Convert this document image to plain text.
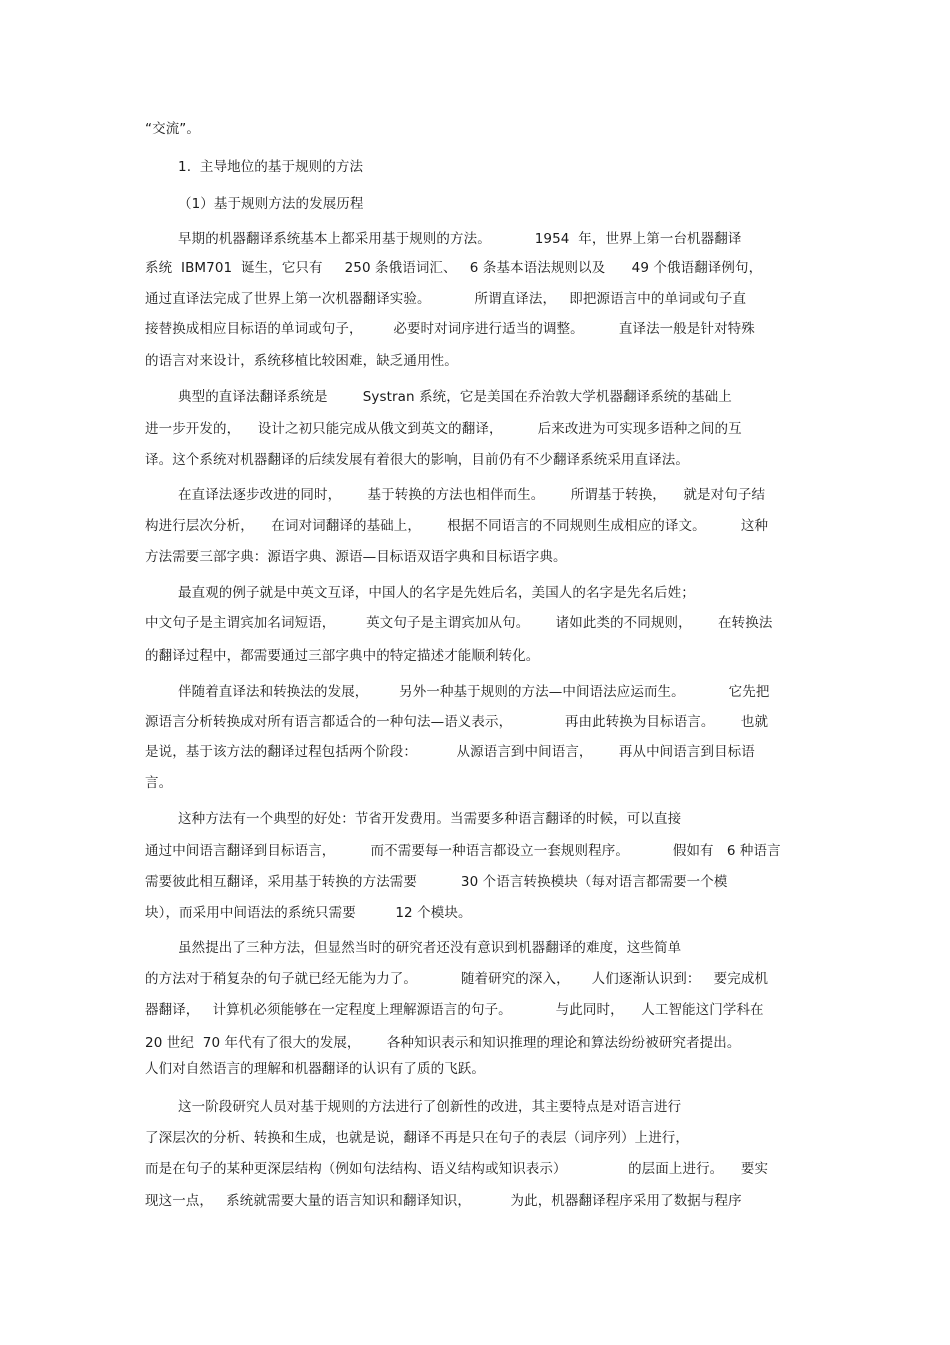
“交流”。
1.  主导地位的基于规则的方法
（1）基于规则方法的发展历程
早期的机器翻译系统基本上都采用基于规则的方法。          1954  年，世界上第一台机器翻译
系统  IBM701  诞生，它只有     250 条俄语词汇、   6 条基本语法规则以及      49 个俄语翻译例句，
通过直译法完成了世界上第一次机器翻译实验。          所谓直译法，   即把源语言中的单词或句子直
接替换成相应目标语的单词或句子，       必要时对词序进行适当的调整。        直译法一般是针对特殊
的语言对来设计，系统移植比较困难，缺乏通用性。
典型的直译法翻译系统是        Systran 系统，它是美国在乔治敦大学机器翻译系统的基础上
进一步开发的，    设计之初只能完成从俄文到英文的翻译，        后来改进为可实现多语种之间的互
译。这个系统对机器翻译的后续发展有着很大的影响，目前仍有不少翻译系统采用直译法。
在直译法逐步改进的同时，      基于转换的方法也相伴而生。      所谓基于转换，    就是对句子结
构进行层次分析，    在词对词翻译的基础上，      根据不同语言的不同规则生成相应的译文。        这种
方法需要三部字典：源语字典、源语—目标语双语字典和目标语字典。
最直观的例子就是中英文互译，中国人的名字是先姓后名，美国人的名字是先名后姓；
中文句子是主谓宾加名词短语，       英文句子是主谓宾加从句。      诸如此类的不同规则，      在转换法
的翻译过程中，都需要通过三部字典中的特定描述才能顺利转化。
伴随着直译法和转换法的发展，       另外一种基于规则的方法—中间语法应运而生。          它先把
源语言分析转换成对所有语言都适合的一种句法—语义表示，            再由此转换为目标语言。      也就
是说，基于该方法的翻译过程包括两个阶段：         从源语言到中间语言，      再从中间语言到目标语
言。
这种方法有一个典型的好处：节省开发费用。当需要多种语言翻译的时候，可以直接
通过中间语言翻译到目标语言，        而不需要每一种语言都设立一套规则程序。          假如有   6 种语言
需要彼此相互翻译，采用基于转换的方法需要          30 个语言转换模块（每对语言都需要一个模
块），而采用中间语法的系统只需要         12 个模块。
虽然提出了三种方法，但显然当时的研究者还没有意识到机器翻译的难度，这些简单
的方法对于稍复杂的句子就已经无能为力了。          随着研究的深入，     人们逐渐认识到：   要完成机
器翻译，   计算机必须能够在一定程度上理解源语言的句子。          与此同时，    人工智能这门学科在
20 世纪  70 年代有了很大的发展，      各种知识表示和知识推理的理论和算法纷纷被研究者提出。
人们对自然语言的理解和机器翻译的认识有了质的飞跃。
这一阶段研究人员对基于规则的方法进行了创新性的改进，其主要特点是对语言进行
了深层次的分析、转换和生成，也就是说，翻译不再是只在句子的表层（词序列）上进行，
而是在句子的某种更深层结构（例如句法结构、语义结构或知识表示）              的层面上进行。    要实
现这一点，   系统就需要大量的语言知识和翻译知识，         为此，机器翻译程序采用了数据与程序
